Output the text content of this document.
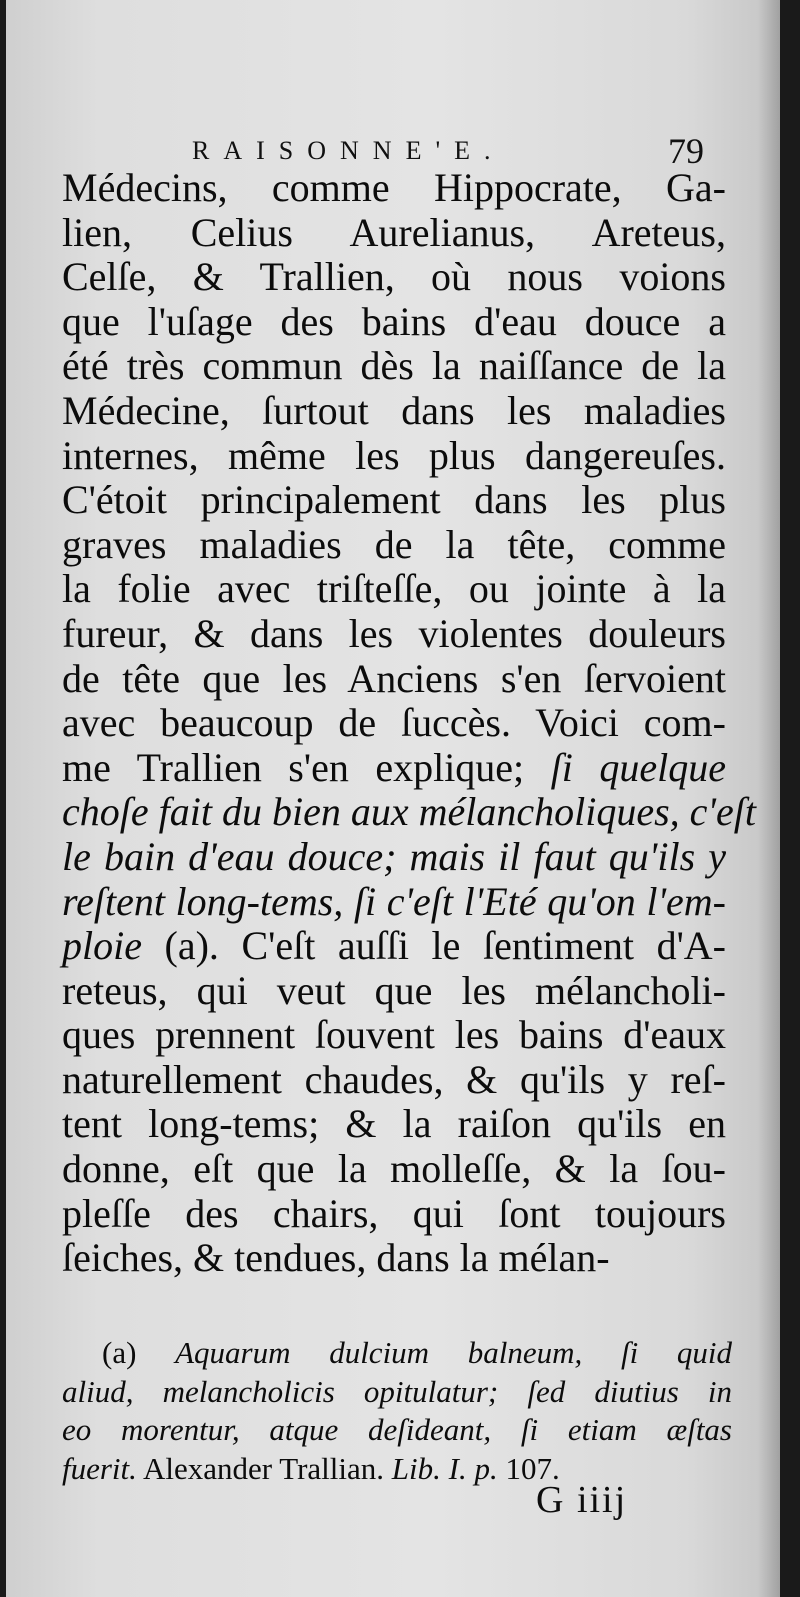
RAISONNE'E.	79
Médecins, comme Hippocrate, Ga-
lien, Celius Aurelianus, Areteus,
Celſe, & Trallien, où nous voions
que l'uſage des bains d'eau douce a
été très commun dès la naiſſance de la
Médecine, ſurtout dans les maladies
internes, même les plus dangereuſes.
C'étoit principalement dans les plus
graves maladies de la tête, comme
la folie avec triſteſſe, ou jointe à la
fureur, & dans les violentes douleurs
de tête que les Anciens s'en ſervoient
avec beaucoup de ſuccès. Voici com-
me Trallien s'en explique; ſi quelque
choſe fait du bien aux mélancholiques, c'eſt
le bain d'eau douce; mais il faut qu'ils y
reſtent long-tems, ſi c'eſt l'Eté qu'on l'em-
ploie (a). C'eſt auſſi le ſentiment d'A-
reteus, qui veut que les mélancholi-
ques prennent ſouvent les bains d'eaux
naturellement chaudes, & qu'ils y reſ-
tent long-tems; & la raiſon qu'ils en
donne, eſt que la molleſſe, & la ſou-
pleſſe des chairs, qui ſont toujours
ſeiches, & tendues, dans la mélan-
(a) Aquarum dulcium balneum, ſi quid
aliud, melancholicis opitulatur; ſed diutius in
eo morentur, atque deſideant, ſi etiam æſtas
fuerit. Alexander Trallian. Lib. I. p. 107.
G iiij
